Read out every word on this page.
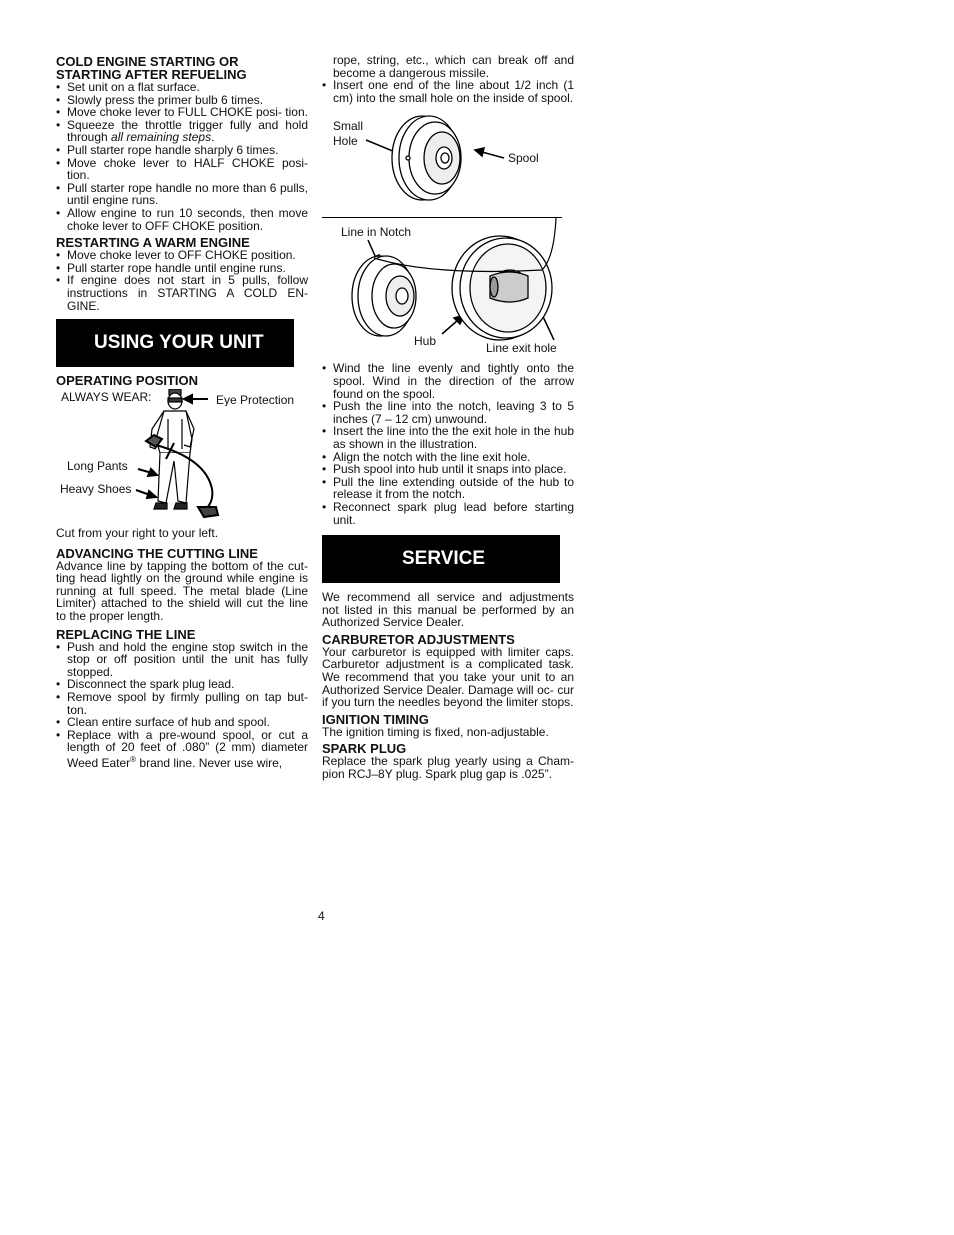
COLD ENGINE STARTING OR
STARTING AFTER REFUELING
• Set unit on a flat surface.
• Slowly press the primer bulb 6 times.
• Move choke lever to FULL CHOKE posi- tion.
• Squeeze the throttle trigger fully and hold through all remaining steps.
• Pull starter rope handle sharply 6 times.
• Move choke lever to HALF CHOKE posi- tion.
• Pull starter rope handle no more than 6 pulls, until engine runs.
• Allow engine to run 10 seconds, then move choke lever to OFF CHOKE position.
RESTARTING A WARM ENGINE
• Move choke lever to OFF CHOKE position.
• Pull starter rope handle until engine runs.
• If engine does not start in 5 pulls, follow instructions in STARTING A COLD EN- GINE.
USING YOUR UNIT
OPERATING POSITION
ALWAYS WEAR:	Eye Protection
Long Pants
Heavy Shoes
Cut from your right to your left.
ADVANCING THE CUTTING LINE
Advance line by tapping the bottom of the cut- ting head lightly on the ground while engine is running at full speed. The metal blade (Line Limiter) attached to the shield will cut the line to the proper length.
REPLACING THE LINE
• Push and hold the engine stop switch in the stop or off position until the unit has fully stopped.
• Disconnect the spark plug lead.
• Remove spool by firmly pulling on tap but- ton.
• Clean entire surface of hub and spool.
• Replace with a pre-wound spool, or cut a length of 20 feet of .080” (2 mm) diameter Weed Eater® brand line. Never use wire,
rope, string, etc., which can break off and become a dangerous missile.
• Insert one end of the line about 1/2 inch (1 cm) into the small hole on the inside of spool.
Small
Hole
Spool
Line in Notch
Hub	Line exit hole
• Wind the line evenly and tightly onto the spool. Wind in the direction of the arrow found on the spool.
• Push the line into the notch, leaving 3 to 5 inches (7 – 12 cm) unwound.
• Insert the line into the the exit hole in the hub as shown in the illustration.
• Align the notch with the line exit hole.
• Push spool into hub until it snaps into place.
• Pull the line extending outside of the hub to release it from the notch.
• Reconnect spark plug lead before starting unit.
SERVICE
We recommend all service and adjustments not listed in this manual be performed by an Authorized Service Dealer.
CARBURETOR ADJUSTMENTS
Your carburetor is equipped with limiter caps. Carburetor adjustment is a complicated task. We recommend that you take your unit to an Authorized Service Dealer. Damage will oc- cur if you turn the needles beyond the limiter stops.
IGNITION TIMING
The ignition timing is fixed, non-adjustable.
SPARK PLUG
Replace the spark plug yearly using a Cham- pion RCJ–8Y plug. Spark plug gap is .025”.
4
